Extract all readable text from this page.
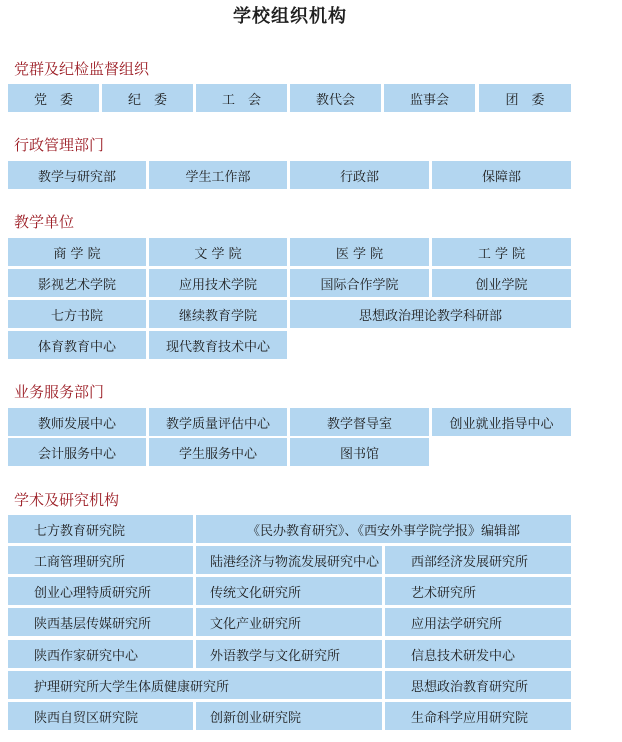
学校组织机构
党群及纪检监督组织
党　委	纪　委	工　会	教代会	监事会	团　委
行政管理部门
教学与研究部	学生工作部	行政部	保障部
教学单位
商 学 院	文 学 院	医 学 院	工 学 院
影视艺术学院	应用技术学院	国际合作学院	创业学院
七方书院	继续教育学院	思想政治理论教学科研部
体育教育中心	现代教育技术中心
业务服务部门
教师发展中心	教学质量评估中心	教学督导室	创业就业指导中心
会计服务中心	学生服务中心	图书馆
学术及研究机构
七方教育研究院	《民办教育研究》、《西安外事学院学报》编辑部
工商管理研究所	陆港经济与物流发展研究中心	西部经济发展研究所
创业心理特质研究所	传统文化研究所	艺术研究所
陕西基层传媒研究所	文化产业研究所	应用法学研究所
陕西作家研究中心	外语教学与文化研究所	信息技术研发中心
护理研究所大学生体质健康研究所	思想政治教育研究所
陕西自贸区研究院	创新创业研究院	生命科学应用研究院
